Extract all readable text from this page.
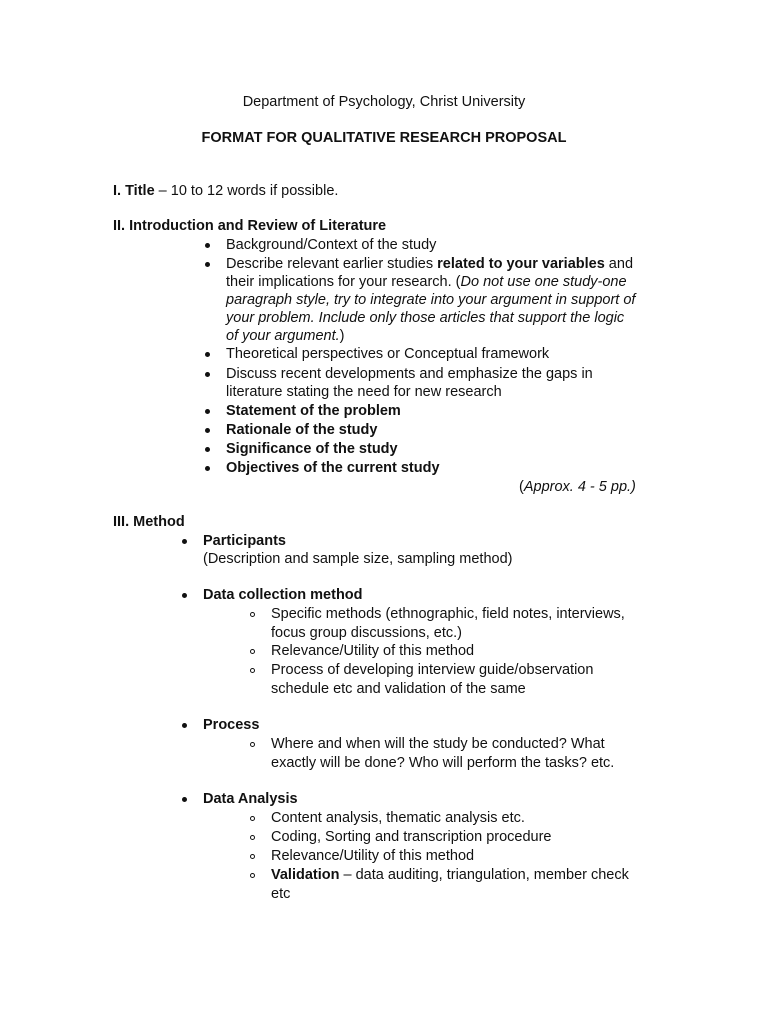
Department of Psychology, Christ University
FORMAT FOR QUALITATIVE RESEARCH PROPOSAL
I. Title – 10 to 12 words if possible.
II. Introduction and Review of Literature
Background/Context of the study
Describe relevant earlier studies related to your variables and
their implications for your research. (Do not use one study-one
paragraph style, try to integrate into your argument in support of
your problem. Include only those articles that support the logic
of your argument.)
Theoretical perspectives or Conceptual framework
Discuss recent developments and emphasize the gaps in
literature stating the need for new research
Statement of the problem
Rationale of the study
Significance of the study
Objectives of the current study
(Approx. 4 - 5 pp.)
III. Method
Participants
(Description and sample size, sampling method)
Data collection method
Specific methods (ethnographic, field notes, interviews,
focus group discussions, etc.)
Relevance/Utility of this method
Process of developing interview guide/observation
schedule etc and validation of the same
Process
Where and when will the study be conducted? What
exactly will be done? Who will perform the tasks? etc.
Data Analysis
Content analysis, thematic analysis etc.
Coding, Sorting and transcription procedure
Relevance/Utility of this method
Validation – data auditing, triangulation, member check
etc
